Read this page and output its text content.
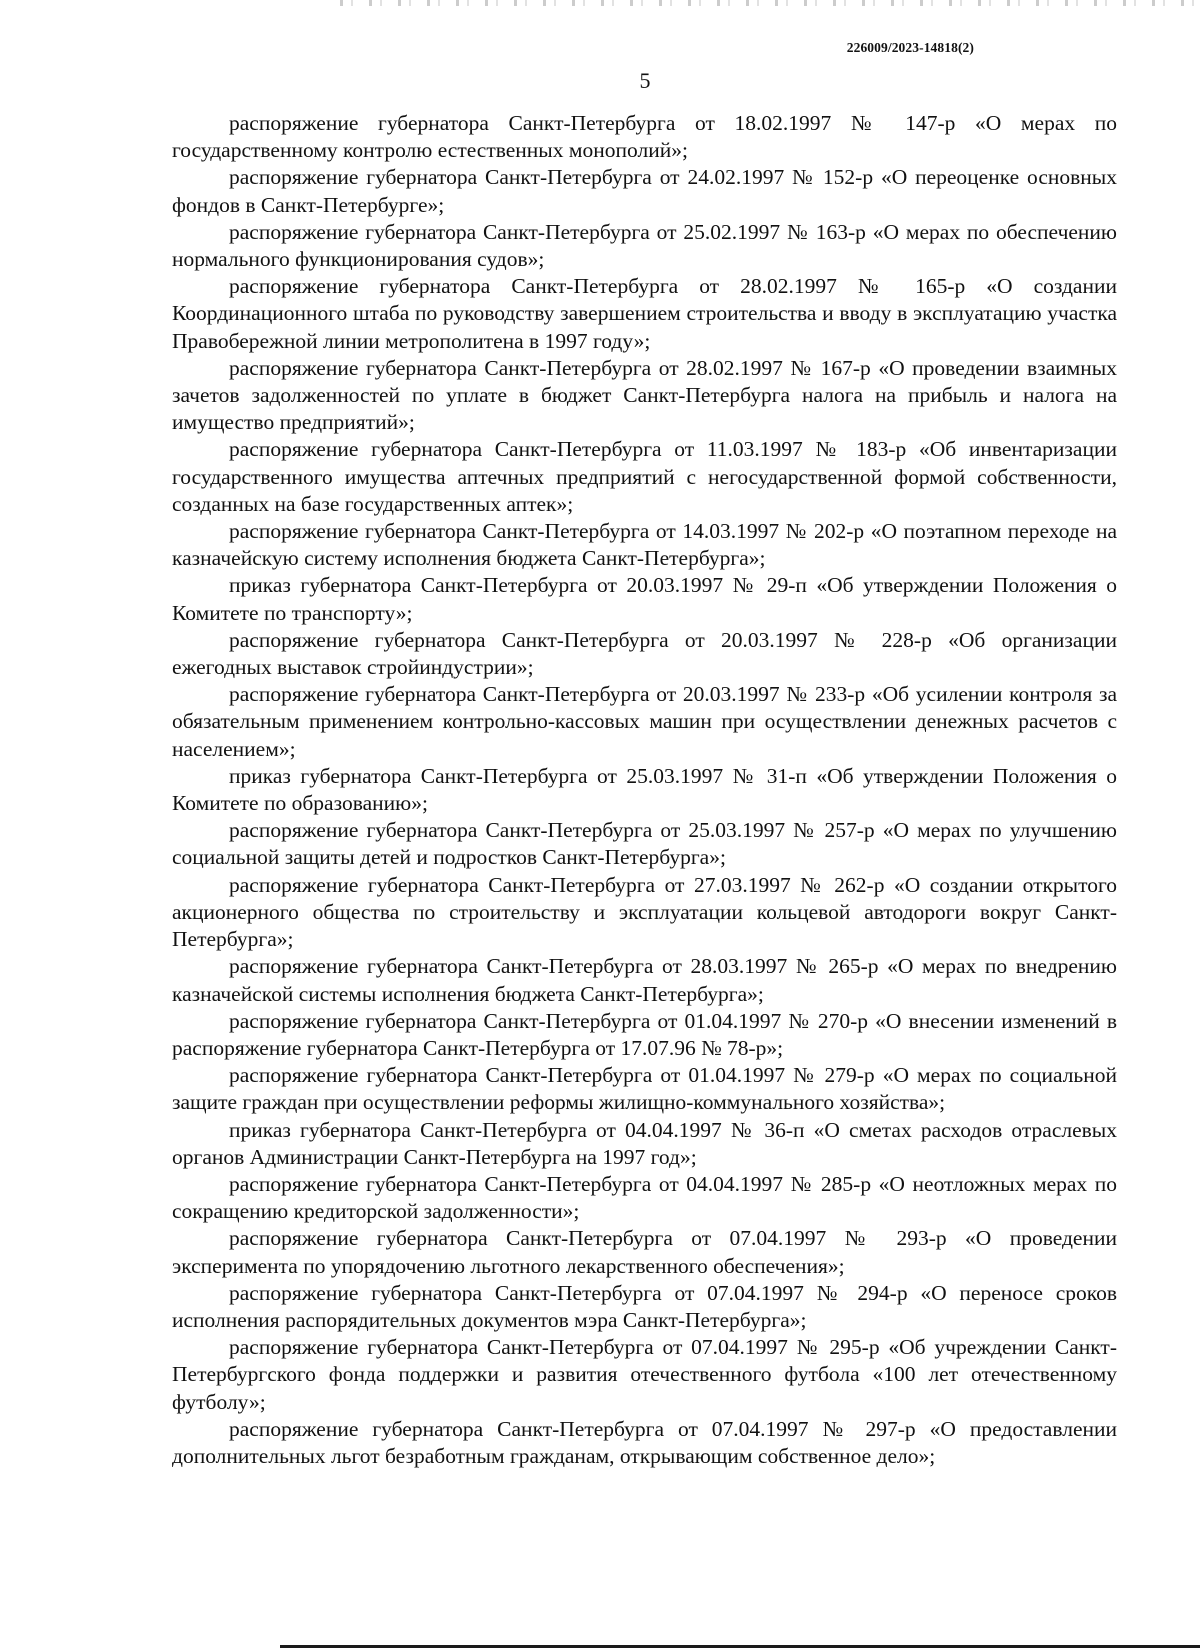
226009/2023-14818(2)
5

распоряжение губернатора Санкт-Петербурга от 18.02.1997 № 147-р «О мерах по государственному контролю естественных монополий»;

распоряжение губернатора Санкт-Петербурга от 24.02.1997 № 152-р «О переоценке основных фондов в Санкт-Петербурге»;

распоряжение губернатора Санкт-Петербурга от 25.02.1997 № 163-р «О мерах по обеспечению нормального функционирования судов»;

распоряжение губернатора Санкт-Петербурга от 28.02.1997 № 165-р «О создании Координационного штаба по руководству завершением строительства и вводу в эксплуатацию участка Правобережной линии метрополитена в 1997 году»;

распоряжение губернатора Санкт-Петербурга от 28.02.1997 № 167-р «О проведении взаимных зачетов задолженностей по уплате в бюджет Санкт-Петербурга налога на прибыль и налога на имущество предприятий»;

распоряжение губернатора Санкт-Петербурга от 11.03.1997 № 183-р «Об инвентаризации государственного имущества аптечных предприятий с негосударственной формой собственности, созданных на базе государственных аптек»;

распоряжение губернатора Санкт-Петербурга от 14.03.1997 № 202-р «О поэтапном переходе на казначейскую систему исполнения бюджета Санкт-Петербурга»;

приказ губернатора Санкт-Петербурга от 20.03.1997 № 29-п «Об утверждении Положения о Комитете по транспорту»;

распоряжение губернатора Санкт-Петербурга от 20.03.1997 № 228-р «Об организации ежегодных выставок стройиндустрии»;

распоряжение губернатора Санкт-Петербурга от 20.03.1997 № 233-р «Об усилении контроля за обязательным применением контрольно-кассовых машин при осуществлении денежных расчетов с населением»;

приказ губернатора Санкт-Петербурга от 25.03.1997 № 31-п «Об утверждении Положения о Комитете по образованию»;

распоряжение губернатора Санкт-Петербурга от 25.03.1997 № 257-р «О мерах по улучшению социальной защиты детей и подростков Санкт-Петербурга»;

распоряжение губернатора Санкт-Петербурга от 27.03.1997 № 262-р «О создании открытого акционерного общества по строительству и эксплуатации кольцевой автодороги вокруг Санкт-Петербурга»;

распоряжение губернатора Санкт-Петербурга от 28.03.1997 № 265-р «О мерах по внедрению казначейской системы исполнения бюджета Санкт-Петербурга»;

распоряжение губернатора Санкт-Петербурга от 01.04.1997 № 270-р «О внесении изменений в распоряжение губернатора Санкт-Петербурга от 17.07.96 № 78-р»;

распоряжение губернатора Санкт-Петербурга от 01.04.1997 № 279-р «О мерах по социальной защите граждан при осуществлении реформы жилищно-коммунального хозяйства»;

приказ губернатора Санкт-Петербурга от 04.04.1997 № 36-п «О сметах расходов отраслевых органов Администрации Санкт-Петербурга на 1997 год»;

распоряжение губернатора Санкт-Петербурга от 04.04.1997 № 285-р «О неотложных мерах по сокращению кредиторской задолженности»;

распоряжение губернатора Санкт-Петербурга от 07.04.1997 № 293-р «О проведении эксперимента по упорядочению льготного лекарственного обеспечения»;

распоряжение губернатора Санкт-Петербурга от 07.04.1997 № 294-р «О переносе сроков исполнения распорядительных документов мэра Санкт-Петербурга»;

распоряжение губернатора Санкт-Петербурга от 07.04.1997 № 295-р «Об учреждении Санкт-Петербургского фонда поддержки и развития отечественного футбола «100 лет отечественному футболу»;

распоряжение губернатора Санкт-Петербурга от 07.04.1997 № 297-р «О предоставлении дополнительных льгот безработным гражданам, открывающим собственное дело»;
